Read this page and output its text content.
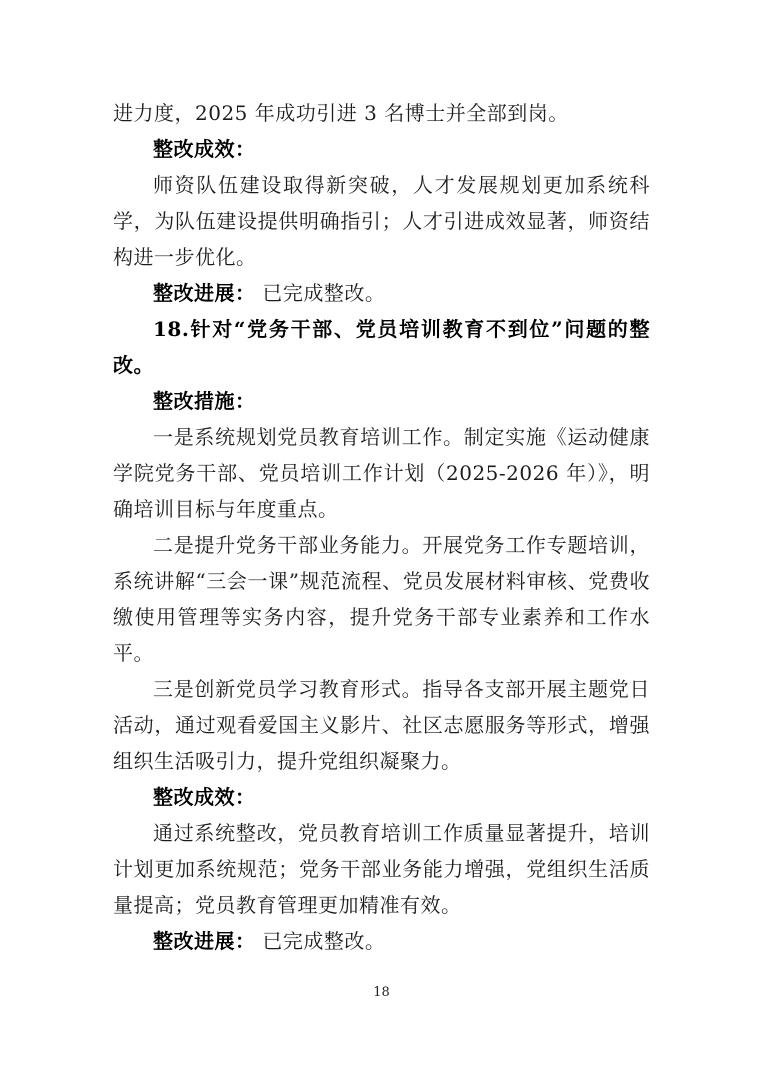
进力度，2025 年成功引进 3 名博士并全部到岗。

整改成效：

师资队伍建设取得新突破，人才发展规划更加系统科学，为队伍建设提供明确指引；人才引进成效显著，师资结构进一步优化。

整改进展： 已完成整改。

18.针对“党务干部、党员培训教育不到位”问题的整改。

整改措施：

一是系统规划党员教育培训工作。制定实施《运动健康学院党务干部、党员培训工作计划（2025-2026 年）》，明确培训目标与年度重点。

二是提升党务干部业务能力。开展党务工作专题培训，系统讲解“三会一课”规范流程、党员发展材料审核、党费收缴使用管理等实务内容，提升党务干部专业素养和工作水平。

三是创新党员学习教育形式。指导各支部开展主题党日活动，通过观看爱国主义影片、社区志愿服务等形式，增强组织生活吸引力，提升党组织凝聚力。

整改成效：

通过系统整改，党员教育培训工作质量显著提升，培训计划更加系统规范；党务干部业务能力增强，党组织生活质量提高；党员教育管理更加精准有效。

整改进展： 已完成整改。

18
